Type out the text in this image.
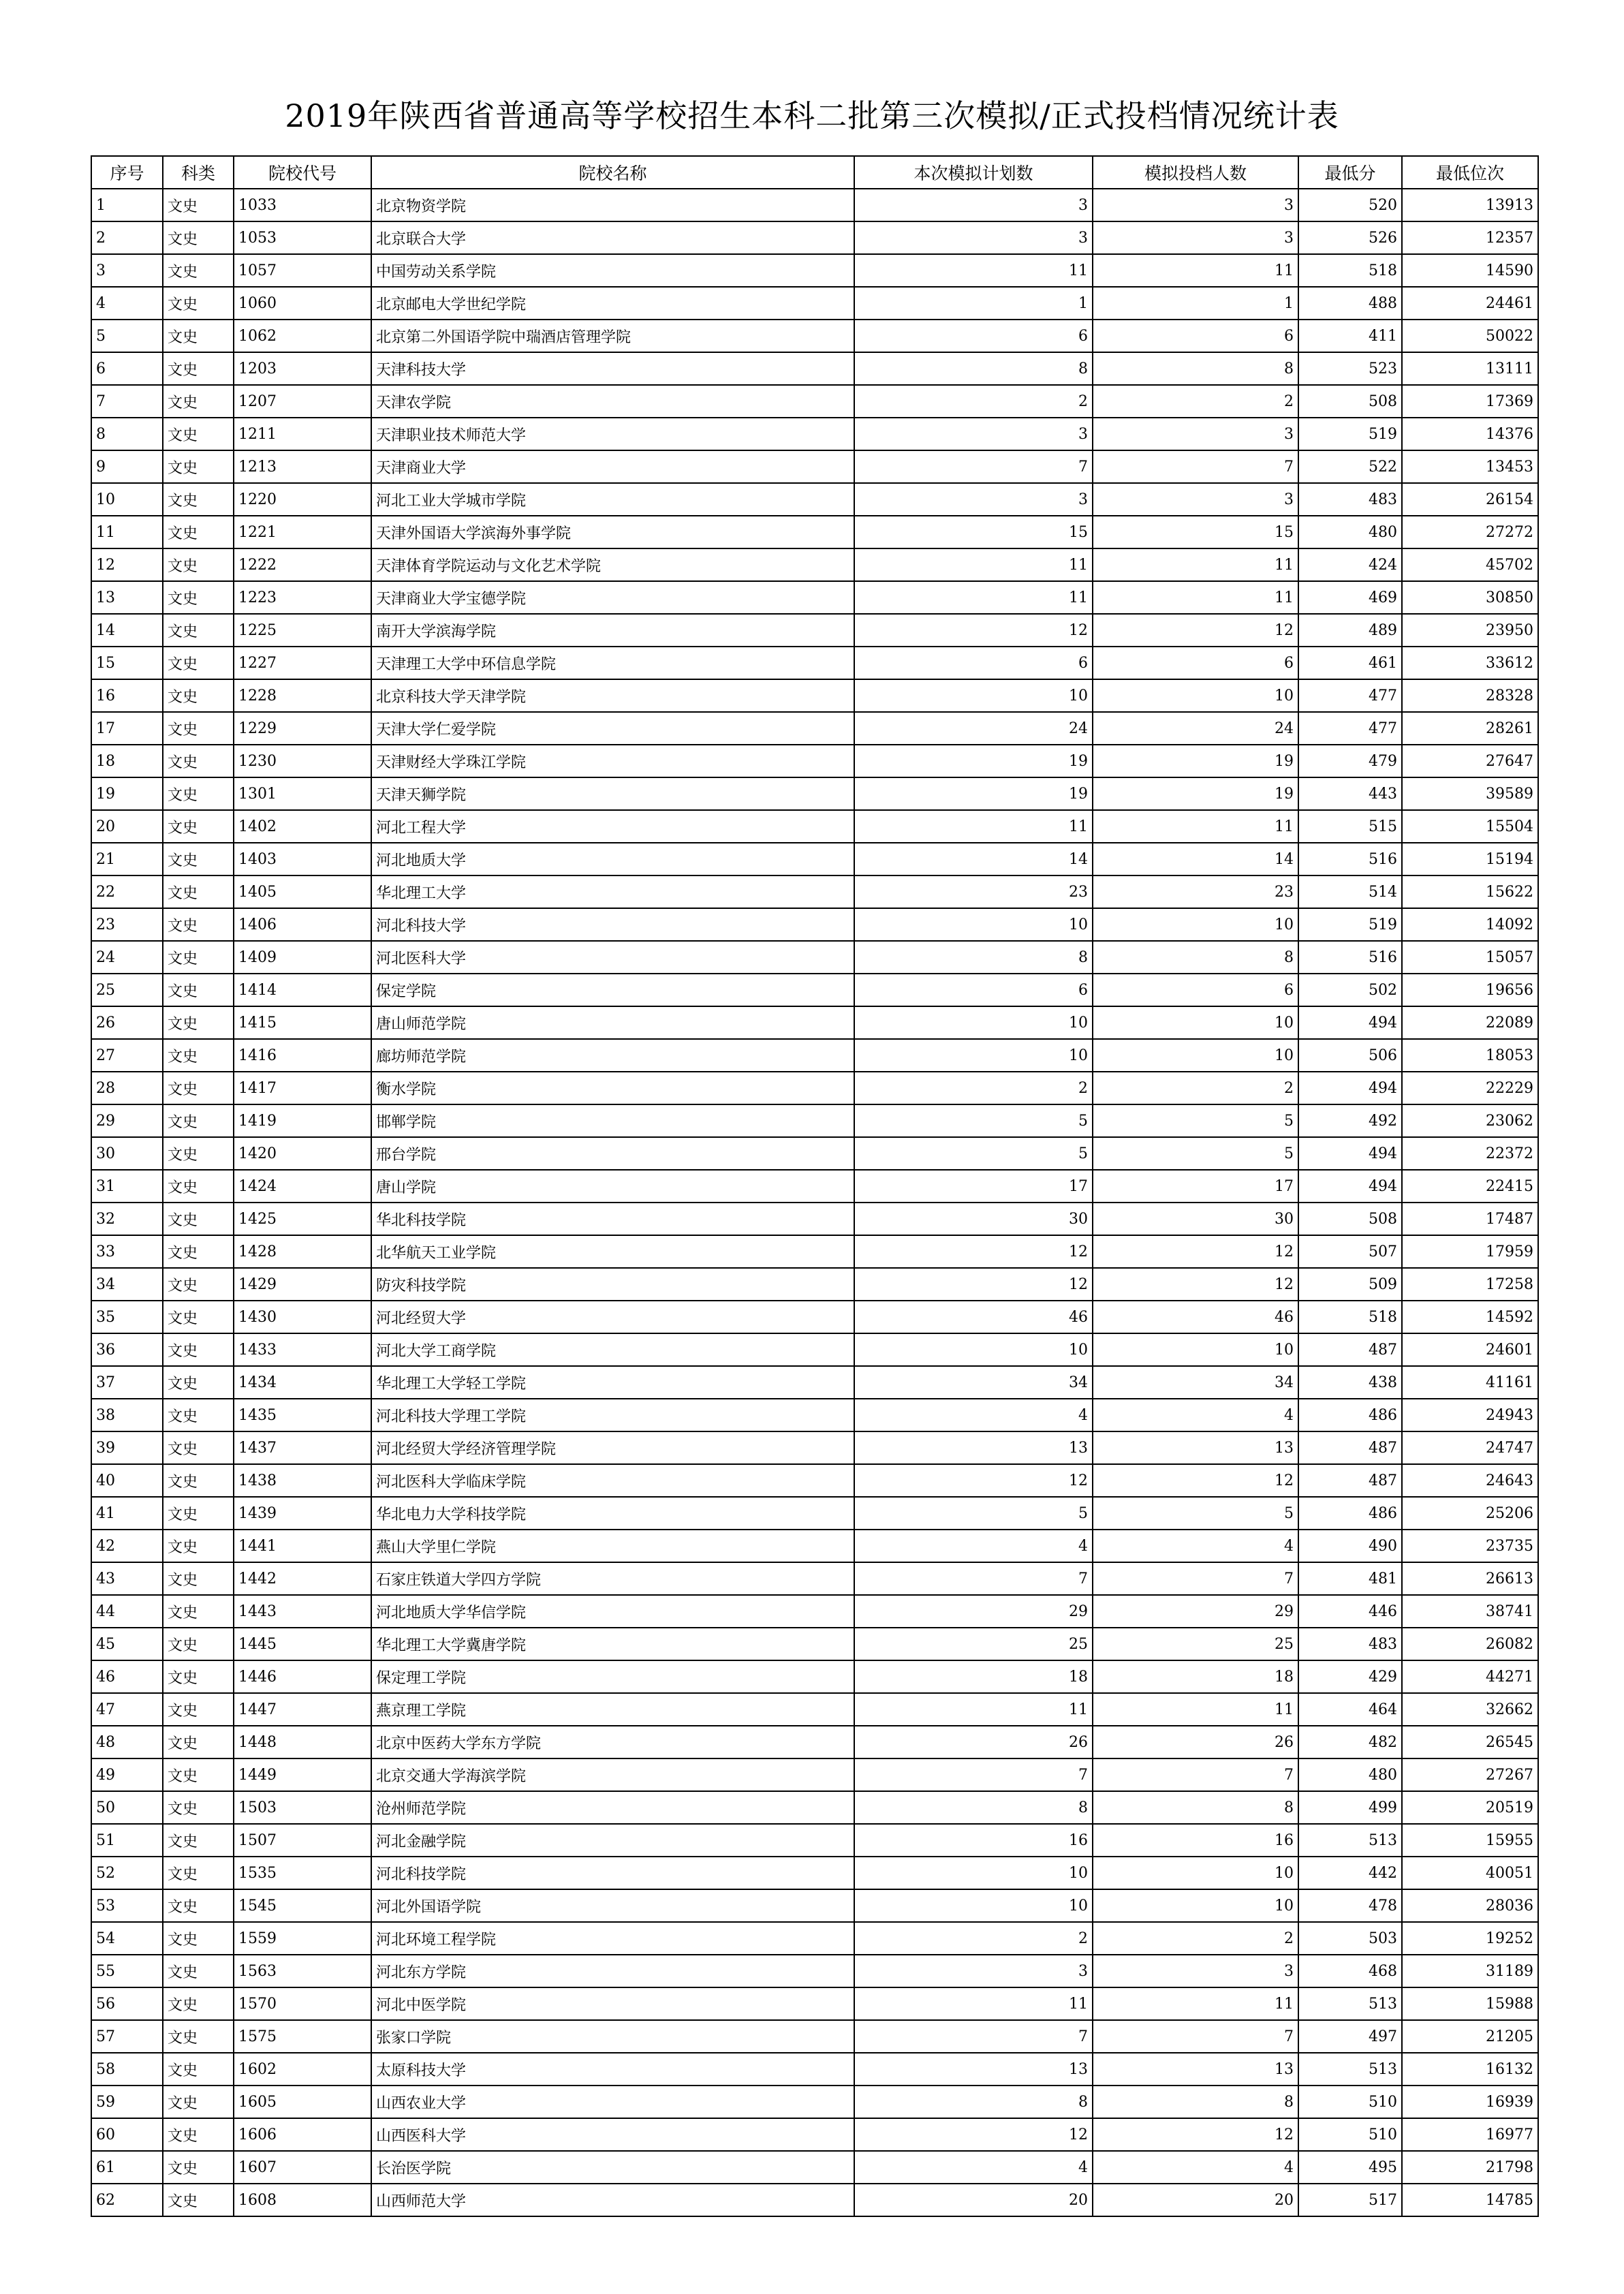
2019年陕西省普通高等学校招生本科二批第三次模拟/正式投档情况统计表
序号	科类	院校代号	院校名称	本次模拟计划数	模拟投档人数	最低分	最低位次
1	文史	1033	北京物资学院	3	3	520	13913
2	文史	1053	北京联合大学	3	3	526	12357
3	文史	1057	中国劳动关系学院	11	11	518	14590
4	文史	1060	北京邮电大学世纪学院	1	1	488	24461
5	文史	1062	北京第二外国语学院中瑞酒店管理学院	6	6	411	50022
6	文史	1203	天津科技大学	8	8	523	13111
7	文史	1207	天津农学院	2	2	508	17369
8	文史	1211	天津职业技术师范大学	3	3	519	14376
9	文史	1213	天津商业大学	7	7	522	13453
10	文史	1220	河北工业大学城市学院	3	3	483	26154
11	文史	1221	天津外国语大学滨海外事学院	15	15	480	27272
12	文史	1222	天津体育学院运动与文化艺术学院	11	11	424	45702
13	文史	1223	天津商业大学宝德学院	11	11	469	30850
14	文史	1225	南开大学滨海学院	12	12	489	23950
15	文史	1227	天津理工大学中环信息学院	6	6	461	33612
16	文史	1228	北京科技大学天津学院	10	10	477	28328
17	文史	1229	天津大学仁爱学院	24	24	477	28261
18	文史	1230	天津财经大学珠江学院	19	19	479	27647
19	文史	1301	天津天狮学院	19	19	443	39589
20	文史	1402	河北工程大学	11	11	515	15504
21	文史	1403	河北地质大学	14	14	516	15194
22	文史	1405	华北理工大学	23	23	514	15622
23	文史	1406	河北科技大学	10	10	519	14092
24	文史	1409	河北医科大学	8	8	516	15057
25	文史	1414	保定学院	6	6	502	19656
26	文史	1415	唐山师范学院	10	10	494	22089
27	文史	1416	廊坊师范学院	10	10	506	18053
28	文史	1417	衡水学院	2	2	494	22229
29	文史	1419	邯郸学院	5	5	492	23062
30	文史	1420	邢台学院	5	5	494	22372
31	文史	1424	唐山学院	17	17	494	22415
32	文史	1425	华北科技学院	30	30	508	17487
33	文史	1428	北华航天工业学院	12	12	507	17959
34	文史	1429	防灾科技学院	12	12	509	17258
35	文史	1430	河北经贸大学	46	46	518	14592
36	文史	1433	河北大学工商学院	10	10	487	24601
37	文史	1434	华北理工大学轻工学院	34	34	438	41161
38	文史	1435	河北科技大学理工学院	4	4	486	24943
39	文史	1437	河北经贸大学经济管理学院	13	13	487	24747
40	文史	1438	河北医科大学临床学院	12	12	487	24643
41	文史	1439	华北电力大学科技学院	5	5	486	25206
42	文史	1441	燕山大学里仁学院	4	4	490	23735
43	文史	1442	石家庄铁道大学四方学院	7	7	481	26613
44	文史	1443	河北地质大学华信学院	29	29	446	38741
45	文史	1445	华北理工大学冀唐学院	25	25	483	26082
46	文史	1446	保定理工学院	18	18	429	44271
47	文史	1447	燕京理工学院	11	11	464	32662
48	文史	1448	北京中医药大学东方学院	26	26	482	26545
49	文史	1449	北京交通大学海滨学院	7	7	480	27267
50	文史	1503	沧州师范学院	8	8	499	20519
51	文史	1507	河北金融学院	16	16	513	15955
52	文史	1535	河北科技学院	10	10	442	40051
53	文史	1545	河北外国语学院	10	10	478	28036
54	文史	1559	河北环境工程学院	2	2	503	19252
55	文史	1563	河北东方学院	3	3	468	31189
56	文史	1570	河北中医学院	11	11	513	15988
57	文史	1575	张家口学院	7	7	497	21205
58	文史	1602	太原科技大学	13	13	513	16132
59	文史	1605	山西农业大学	8	8	510	16939
60	文史	1606	山西医科大学	12	12	510	16977
61	文史	1607	长治医学院	4	4	495	21798
62	文史	1608	山西师范大学	20	20	517	14785
